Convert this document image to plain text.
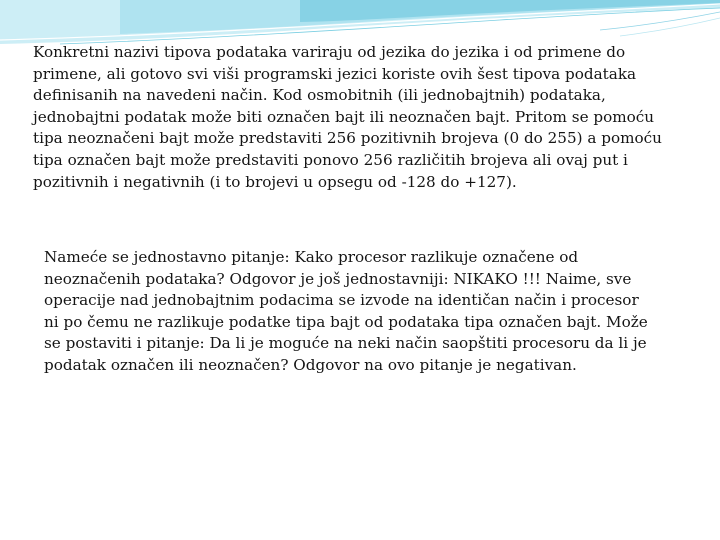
Konkretni nazivi tipova podataka variraju od jezika do jezika i od primene do
primene, ali gotovo svi viši programski jezici koriste ovih šest tipova podataka
definisanih na navedeni način. Kod osmobitnih (ili jednobajtnih) podataka,
jednobajtni podatak može biti označen bajt ili neoznačen bajt. Pritom se pomoću
tipa neoznačeni bajt može predstaviti 256 pozitivnih brojeva (0 do 255) a pomoću
tipa označen bajt može predstaviti ponovo 256 različitih brojeva ali ovaj put i
pozitivnih i negativnih (i to brojevi u opsegu od -128 do +127).

Nameće se jednostavno pitanje: Kako procesor razlikuje označene od
neoznačenih podataka? Odgovor je još jednostavniji: NIKAKO !!! Naime, sve
operacije nad jednobajtnim podacima se izvode na identičan način i procesor
ni po čemu ne razlikuje podatke tipa bajt od podataka tipa označen bajt. Može
se postaviti i pitanje: Da li je moguće na neki način saopštiti procesoru da li je
podatak označen ili neoznačen? Odgovor na ovo pitanje je negativan.
